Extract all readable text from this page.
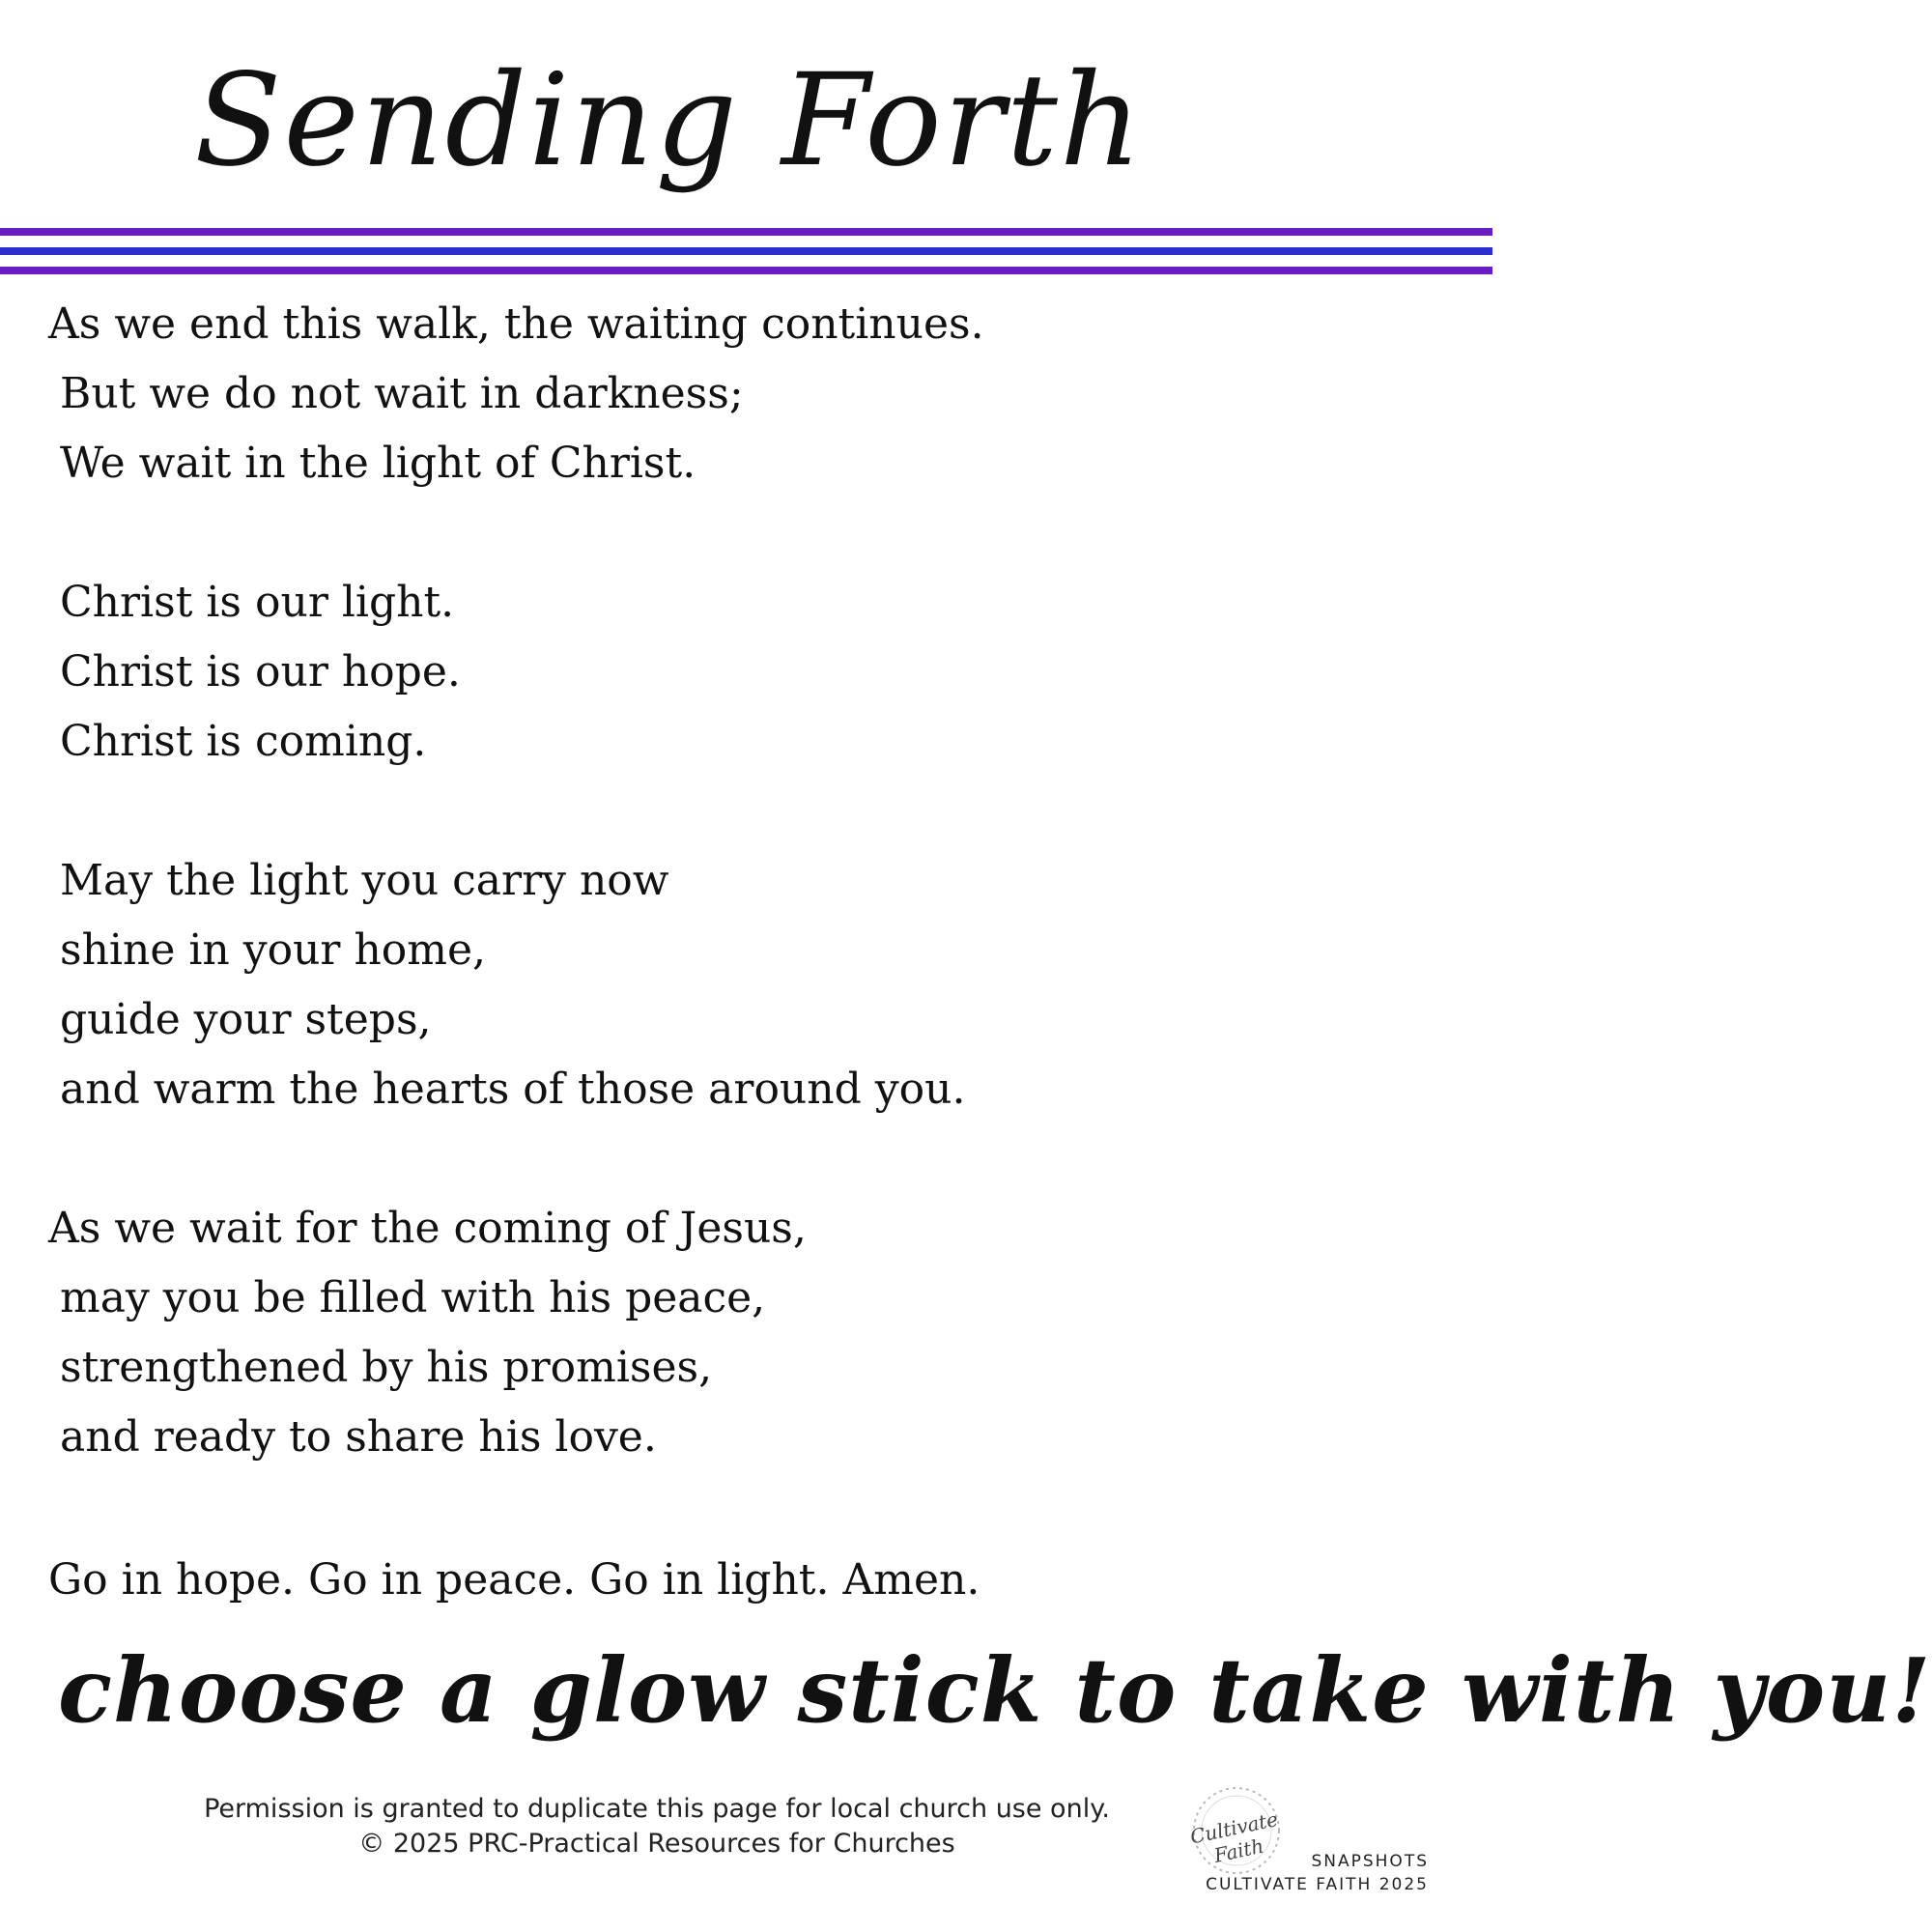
Sending Forth
As we end this walk, the waiting continues.
But we do not wait in darkness;
We wait in the light of Christ.
Christ is our light.
Christ is our hope.
Christ is coming.
May the light you carry now
shine in your home,
guide your steps,
and warm the hearts of those around you.
As we wait for the coming of Jesus,
may you be filled with his peace,
strengthened by his promises,
and ready to share his love.
Go in hope. Go in peace. Go in light. Amen.
choose a glow stick to take with you!
Permission is granted to duplicate this page for local church use only.
© 2025 PRC-Practical Resources for Churches	Cultivate Faith	SNAPSHOTS
CULTIVATE FAITH 2025
